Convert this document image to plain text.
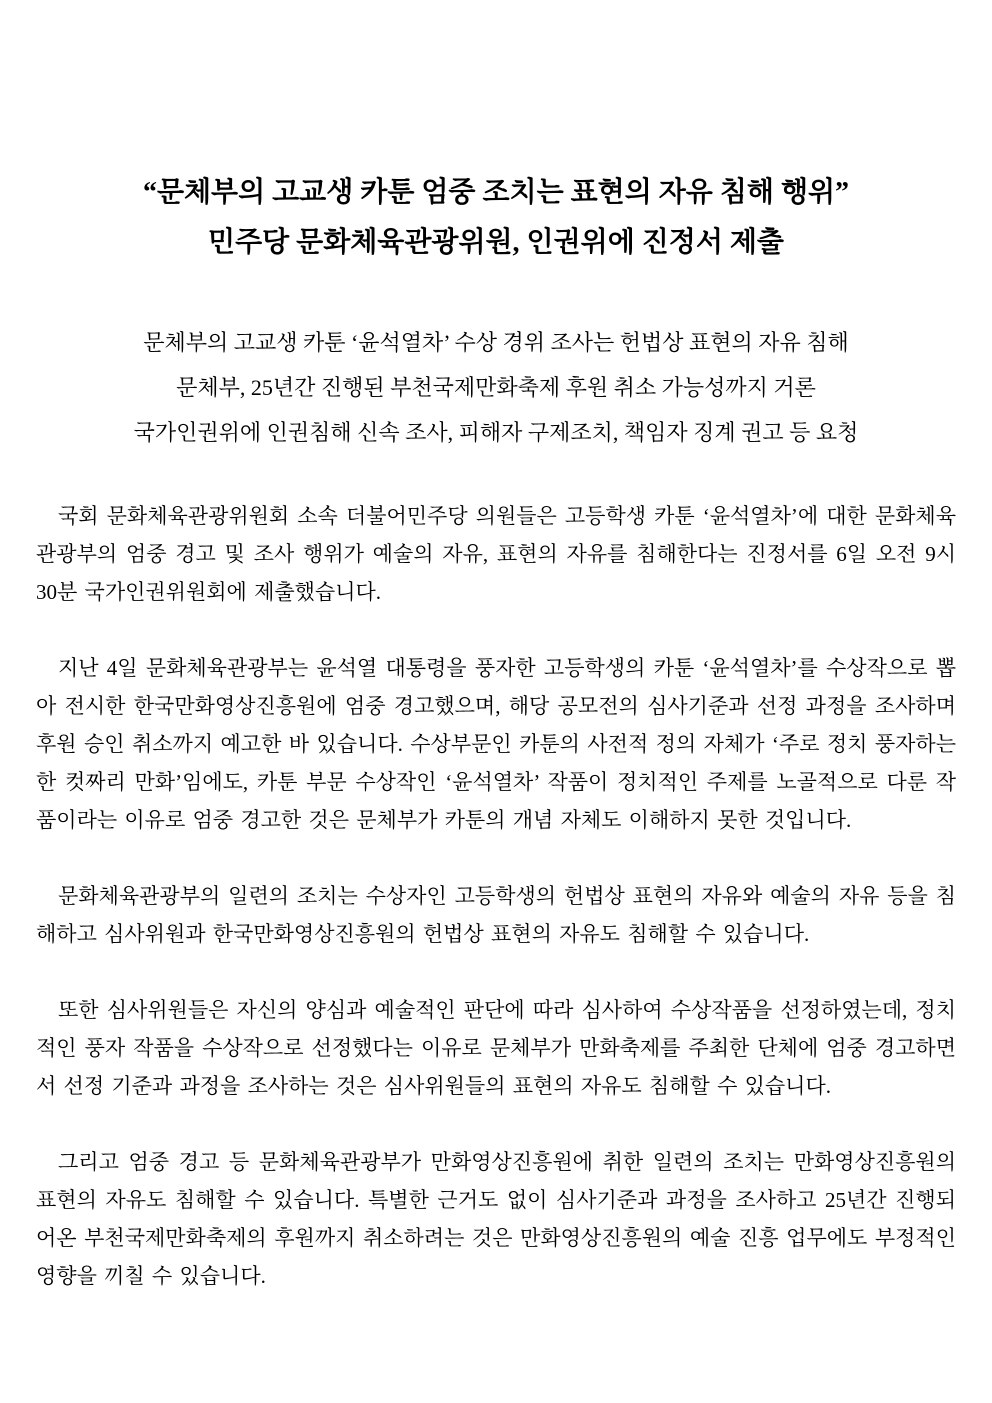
“문체부의 고교생 카툰 엄중 조치는 표현의 자유 침해 행위”
민주당 문화체육관광위원, 인권위에 진정서 제출
문체부의 고교생 카툰 ‘윤석열차’ 수상 경위 조사는 헌법상 표현의 자유 침해
문체부, 25년간 진행된 부천국제만화축제 후원 취소 가능성까지 거론
국가인권위에 인권침해 신속 조사, 피해자 구제조치, 책임자 징계 권고 등 요청

국회 문화체육관광위원회 소속 더불어민주당 의원들은 고등학생 카툰 ‘윤석열차’에 대한 문화체육관광부의 엄중 경고 및 조사 행위가 예술의 자유, 표현의 자유를 침해한다는 진정서를 6일 오전 9시 30분 국가인권위원회에 제출했습니다.

지난 4일 문화체육관광부는 윤석열 대통령을 풍자한 고등학생의 카툰 ‘윤석열차’를 수상작으로 뽑아 전시한 한국만화영상진흥원에 엄중 경고했으며, 해당 공모전의 심사기준과 선정 과정을 조사하며 후원 승인 취소까지 예고한 바 있습니다. 수상부문인 카툰의 사전적 정의 자체가 ‘주로 정치 풍자하는 한 컷짜리 만화’임에도, 카툰 부문 수상작인 ‘윤석열차’ 작품이 정치적인 주제를 노골적으로 다룬 작품이라는 이유로 엄중 경고한 것은 문체부가 카툰의 개념 자체도 이해하지 못한 것입니다.

문화체육관광부의 일련의 조치는 수상자인 고등학생의 헌법상 표현의 자유와 예술의 자유 등을 침해하고 심사위원과 한국만화영상진흥원의 헌법상 표현의 자유도 침해할 수 있습니다.

또한 심사위원들은 자신의 양심과 예술적인 판단에 따라 심사하여 수상작품을 선정하였는데, 정치적인 풍자 작품을 수상작으로 선정했다는 이유로 문체부가 만화축제를 주최한 단체에 엄중 경고하면서 선정 기준과 과정을 조사하는 것은 심사위원들의 표현의 자유도 침해할 수 있습니다.

그리고 엄중 경고 등 문화체육관광부가 만화영상진흥원에 취한 일련의 조치는 만화영상진흥원의 표현의 자유도 침해할 수 있습니다. 특별한 근거도 없이 심사기준과 과정을 조사하고 25년간 진행되어온 부천국제만화축제의 후원까지 취소하려는 것은 만화영상진흥원의 예술 진흥 업무에도 부정적인 영향을 끼칠 수 있습니다.
